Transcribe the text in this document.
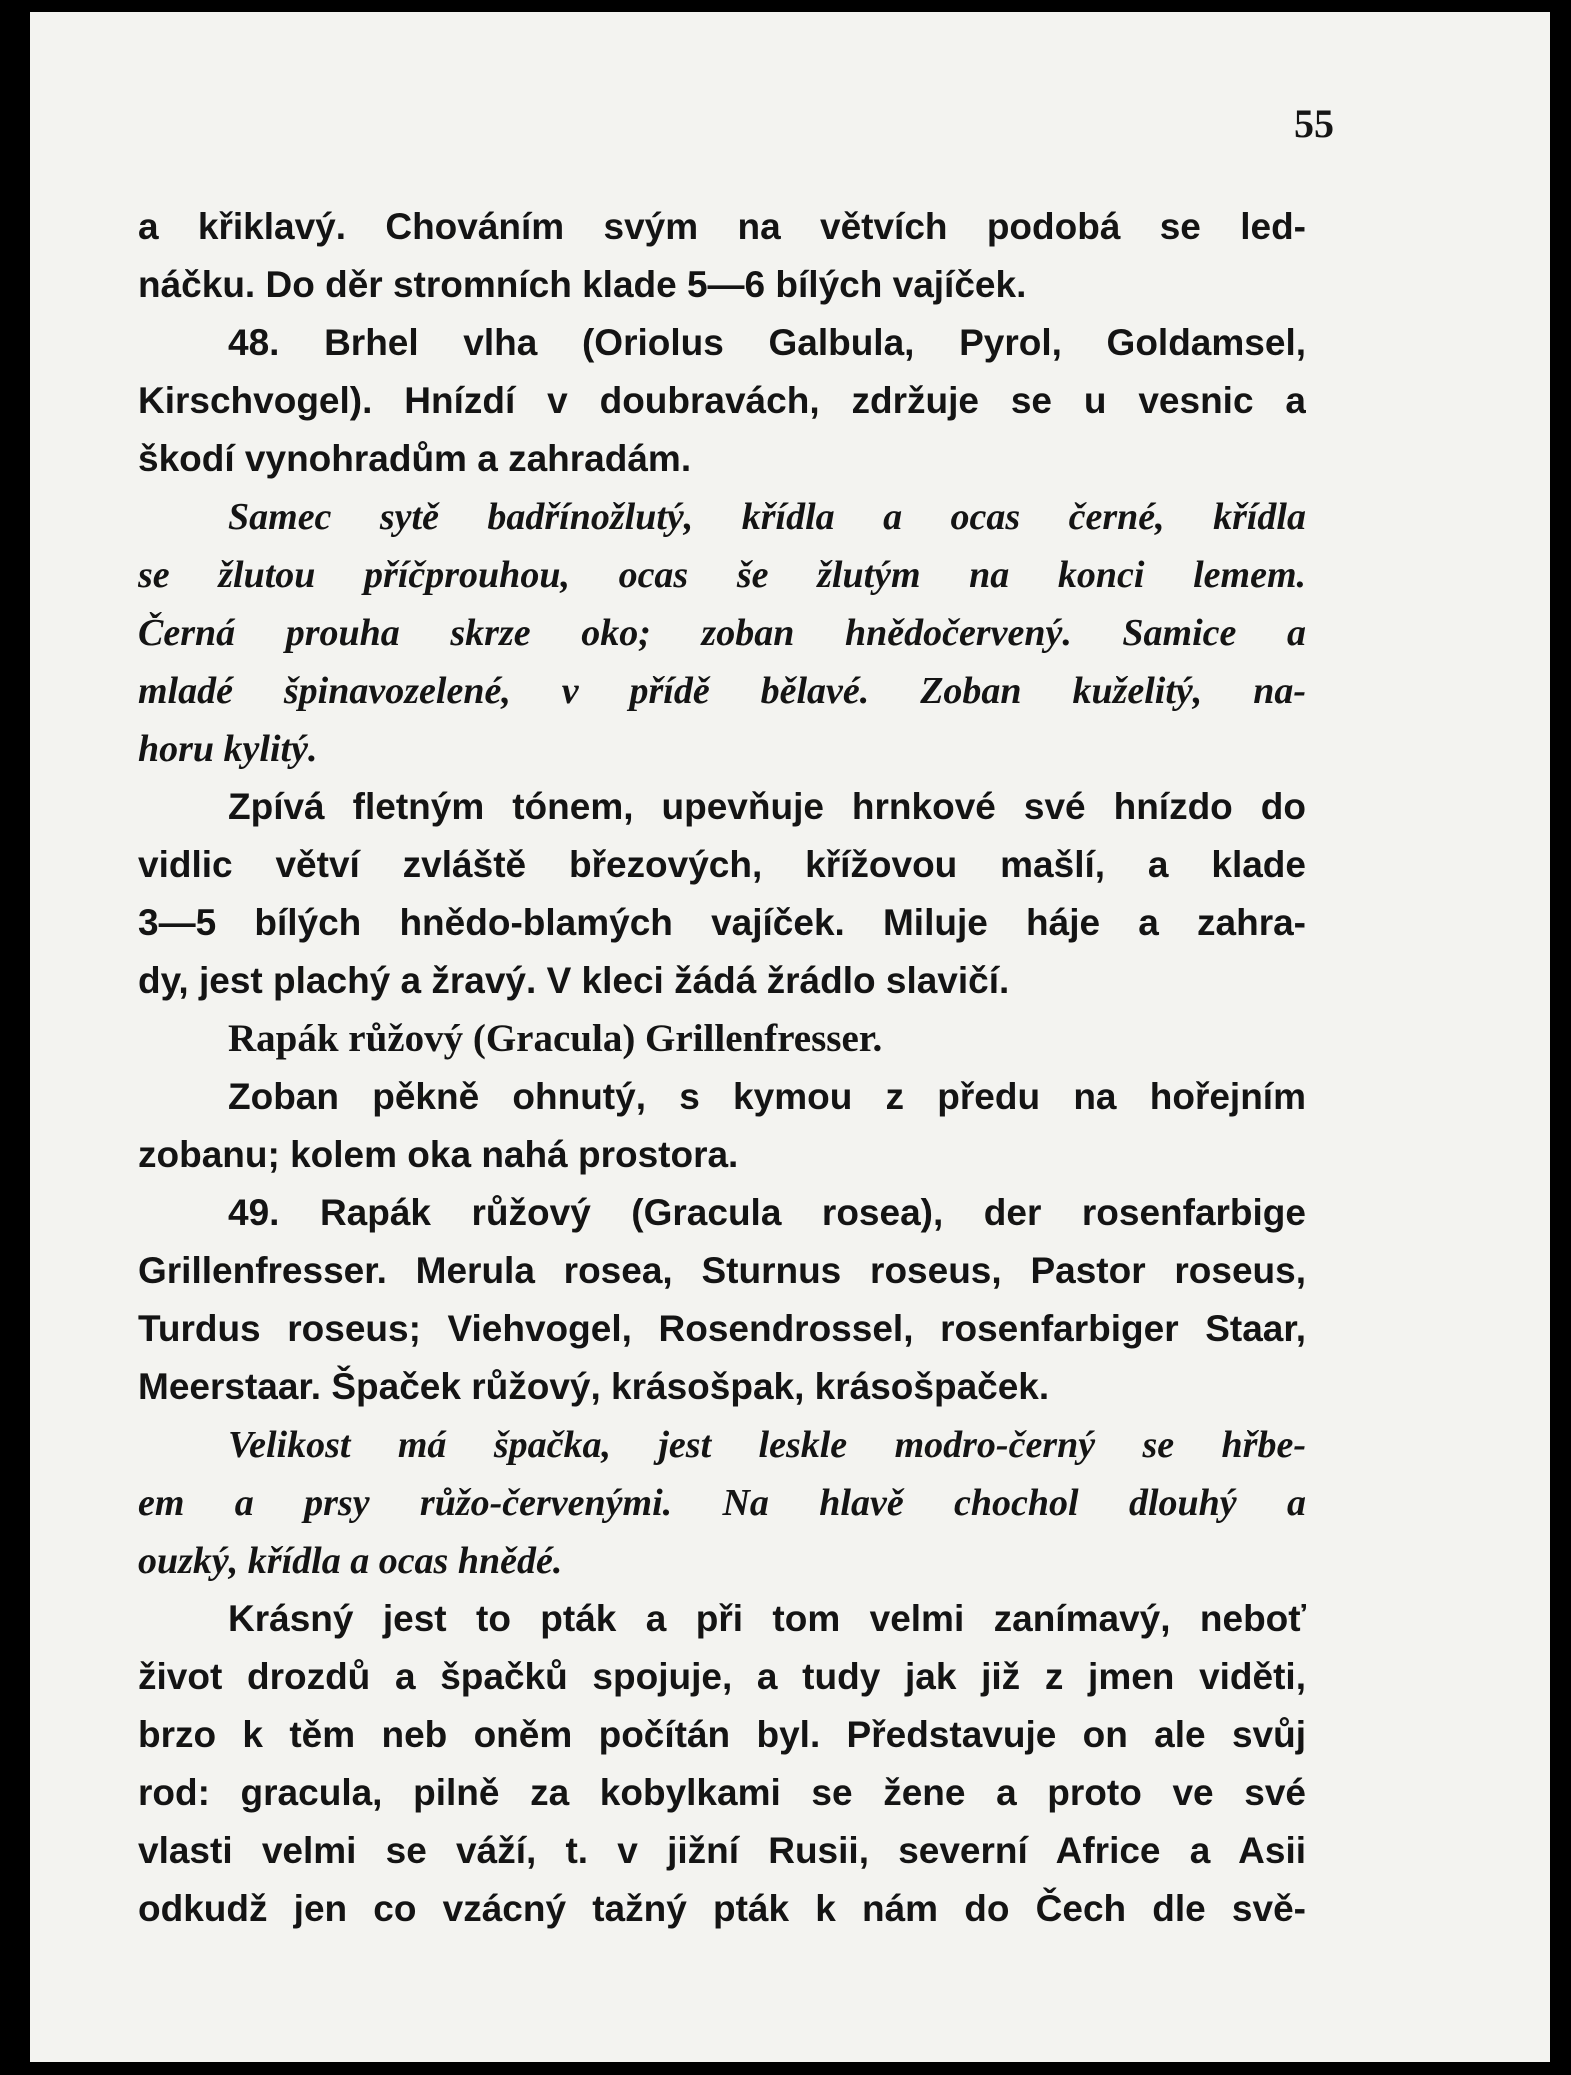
55
a křiklavý. Chováním svým na větvích podobá se led-
náčku. Do děr stromních klade 5—6 bílých vajíček.
48. Brhel vlha (Oriolus Galbula, Pyrol, Goldamsel,
Kirschvogel). Hnízdí v doubravách, zdržuje se u vesnic a
škodí vynohradům a zahradám.
Samec sytě badřínožlutý, křídla a ocas černé, křídla
se žlutou příčprouhou, ocas še žlutým na konci lemem.
Černá prouha skrze oko; zoban hnědočervený. Samice a
mladé špinavozelené, v přídě bělavé. Zoban kuželitý, na-
horu kylitý.
Zpívá fletným tónem, upevňuje hrnkové své hnízdo do
vidlic větví zvláště březových, křížovou mašlí, a klade
3—5 bílých hnědo-blamých vajíček. Miluje háje a zahra-
dy, jest plachý a žravý. V kleci žádá žrádlo slavičí.
Rapák růžový (Gracula) Grillenfresser.
Zoban pěkně ohnutý, s kymou z předu na hořejním
zobanu; kolem oka nahá prostora.
49. Rapák růžový (Gracula rosea), der rosenfarbige
Grillenfresser. Merula rosea, Sturnus roseus, Pastor roseus,
Turdus roseus; Viehvogel, Rosendrossel, rosenfarbiger Staar,
Meerstaar. Špaček růžový, krásošpak, krásošpaček.
Velikost má špačka, jest leskle modro-černý se hřbe-
em a prsy růžo-červenými. Na hlavě chochol dlouhý a
ouzký, křídla a ocas hnědé.
Krásný jest to pták a při tom velmi zanímavý, neboť
život drozdů a špačků spojuje, a tudy jak již z jmen viděti,
brzo k těm neb oněm počítán byl. Představuje on ale svůj
rod: gracula, pilně za kobylkami se žene a proto ve své
vlasti velmi se váží, t. v jižní Rusii, severní Africe a Asii
odkudž jen co vzácný tažný pták k nám do Čech dle svě-
